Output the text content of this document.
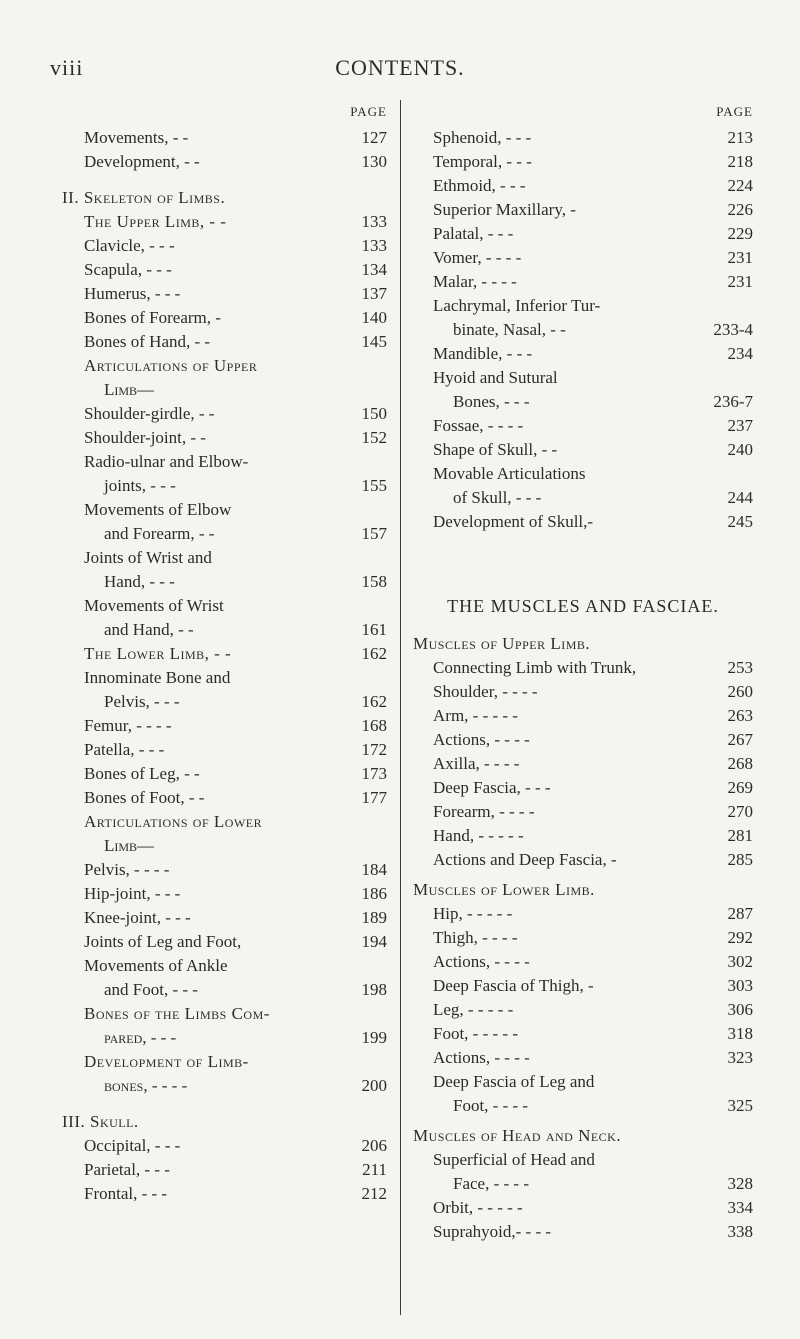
viii	CONTENTS.
PAGE
Movements, - -	127
Development, - -	130
II. Skeleton of Limbs.
The Upper Limb, - -	133
Clavicle, - - -	133
Scapula, - - -	134
Humerus, - - -	137
Bones of Forearm, -	140
Bones of Hand, - -	145
Articulations of Upper
Limb—
Shoulder-girdle, - -	150
Shoulder-joint, - -	152
Radio-ulnar and Elbow-
joints, - - -	155
Movements of Elbow
and Forearm, - -	157
Joints of Wrist and
Hand, - - -	158
Movements of Wrist
and Hand, - -	161
The Lower Limb, - -	162
Innominate Bone and
Pelvis, - - -	162
Femur, - - - -	168
Patella, - - -	172
Bones of Leg, - -	173
Bones of Foot, - -	177
Articulations of Lower
Limb—
Pelvis, - - - -	184
Hip-joint, - - -	186
Knee-joint, - - -	189
Joints of Leg and Foot,	194
Movements of Ankle
and Foot, - - -	198
Bones of the Limbs Com-
pared, - - -	199
Development of Limb-
bones, - - - -	200
III. Skull.
Occipital, - - -	206
Parietal, - - -	211
Frontal, - - -	212
PAGE
Sphenoid, - - -	213
Temporal, - - -	218
Ethmoid, - - -	224
Superior Maxillary, -	226
Palatal, - - -	229
Vomer, - - - -	231
Malar, - - - -	231
Lachrymal, Inferior Tur-
binate, Nasal, - -	233-4
Mandible, - - -	234
Hyoid and Sutural
Bones, - - -	236-7
Fossae, - - - -	237
Shape of Skull, - -	240
Movable Articulations
of Skull, - - -	244
Development of Skull,-	245
THE MUSCLES AND FASCIAE.
Muscles of Upper Limb.
Connecting Limb with Trunk,	253
Shoulder, - - - -	260
Arm, - - - - -	263
Actions, - - - -	267
Axilla, - - - -	268
Deep Fascia, - - -	269
Forearm, - - - -	270
Hand, - - - - -	281
Actions and Deep Fascia, -	285
Muscles of Lower Limb.
Hip, - - - - -	287
Thigh, - - - -	292
Actions, - - - -	302
Deep Fascia of Thigh, -	303
Leg, - - - - -	306
Foot, - - - - -	318
Actions, - - - -	323
Deep Fascia of Leg and
Foot, - - - -	325
Muscles of Head and Neck.
Superficial of Head and
Face, - - - -	328
Orbit, - - - - -	334
Suprahyoid,- - - -	338
